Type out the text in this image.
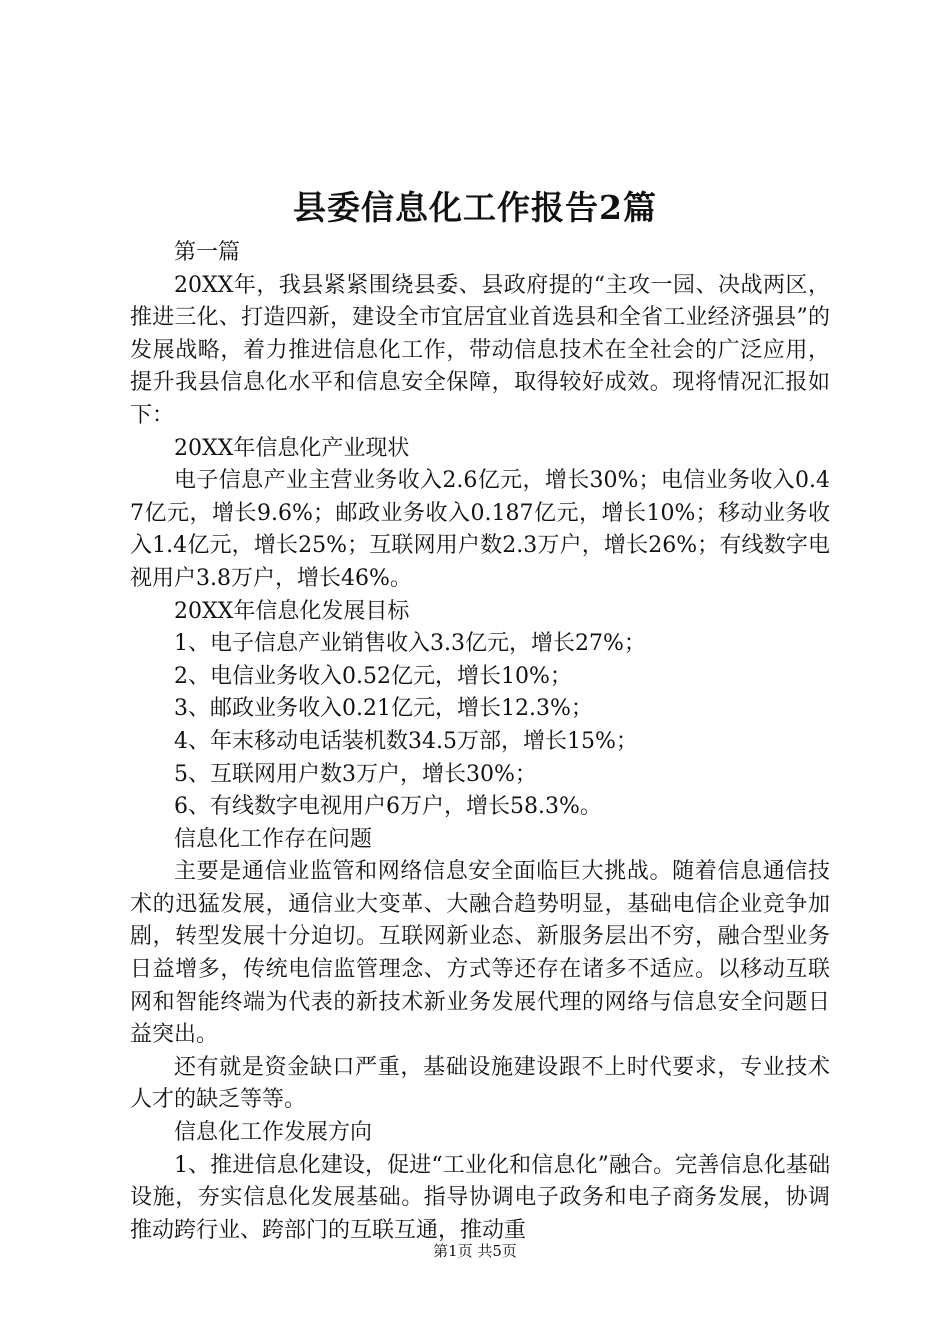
县委信息化工作报告2篇

第一篇

20XX年，我县紧紧围绕县委、县政府提的“主攻一园、决战两区，推进三化、打造四新，建设全市宜居宜业首选县和全省工业经济强县”的发展战略，着力推进信息化工作，带动信息技术在全社会的广泛应用，提升我县信息化水平和信息安全保障，取得较好成效。现将情况汇报如下：

20XX年信息化产业现状

电子信息产业主营业务收入2.6亿元，增长30%；电信业务收入0.47亿元，增长9.6%；邮政业务收入0.187亿元，增长10%；移动业务收入1.4亿元，增长25%；互联网用户数2.3万户，增长26%；有线数字电视用户3.8万户，增长46%。

20XX年信息化发展目标

1、电子信息产业销售收入3.3亿元，增长27%；

2、电信业务收入0.52亿元，增长10%；

3、邮政业务收入0.21亿元，增长12.3%；

4、年末移动电话装机数34.5万部，增长15%；

5、互联网用户数3万户，增长30%；

6、有线数字电视用户6万户，增长58.3%。

信息化工作存在问题

主要是通信业监管和网络信息安全面临巨大挑战。随着信息通信技术的迅猛发展，通信业大变革、大融合趋势明显，基础电信企业竞争加剧，转型发展十分迫切。互联网新业态、新服务层出不穷，融合型业务日益增多，传统电信监管理念、方式等还存在诸多不适应。以移动互联网和智能终端为代表的新技术新业务发展代理的网络与信息安全问题日益突出。

还有就是资金缺口严重，基础设施建设跟不上时代要求，专业技术人才的缺乏等等。

信息化工作发展方向

1、推进信息化建设，促进“工业化和信息化”融合。完善信息化基础设施，夯实信息化发展基础。指导协调电子政务和电子商务发展，协调推动跨行业、跨部门的互联互通，推动重

第1页 共5页
